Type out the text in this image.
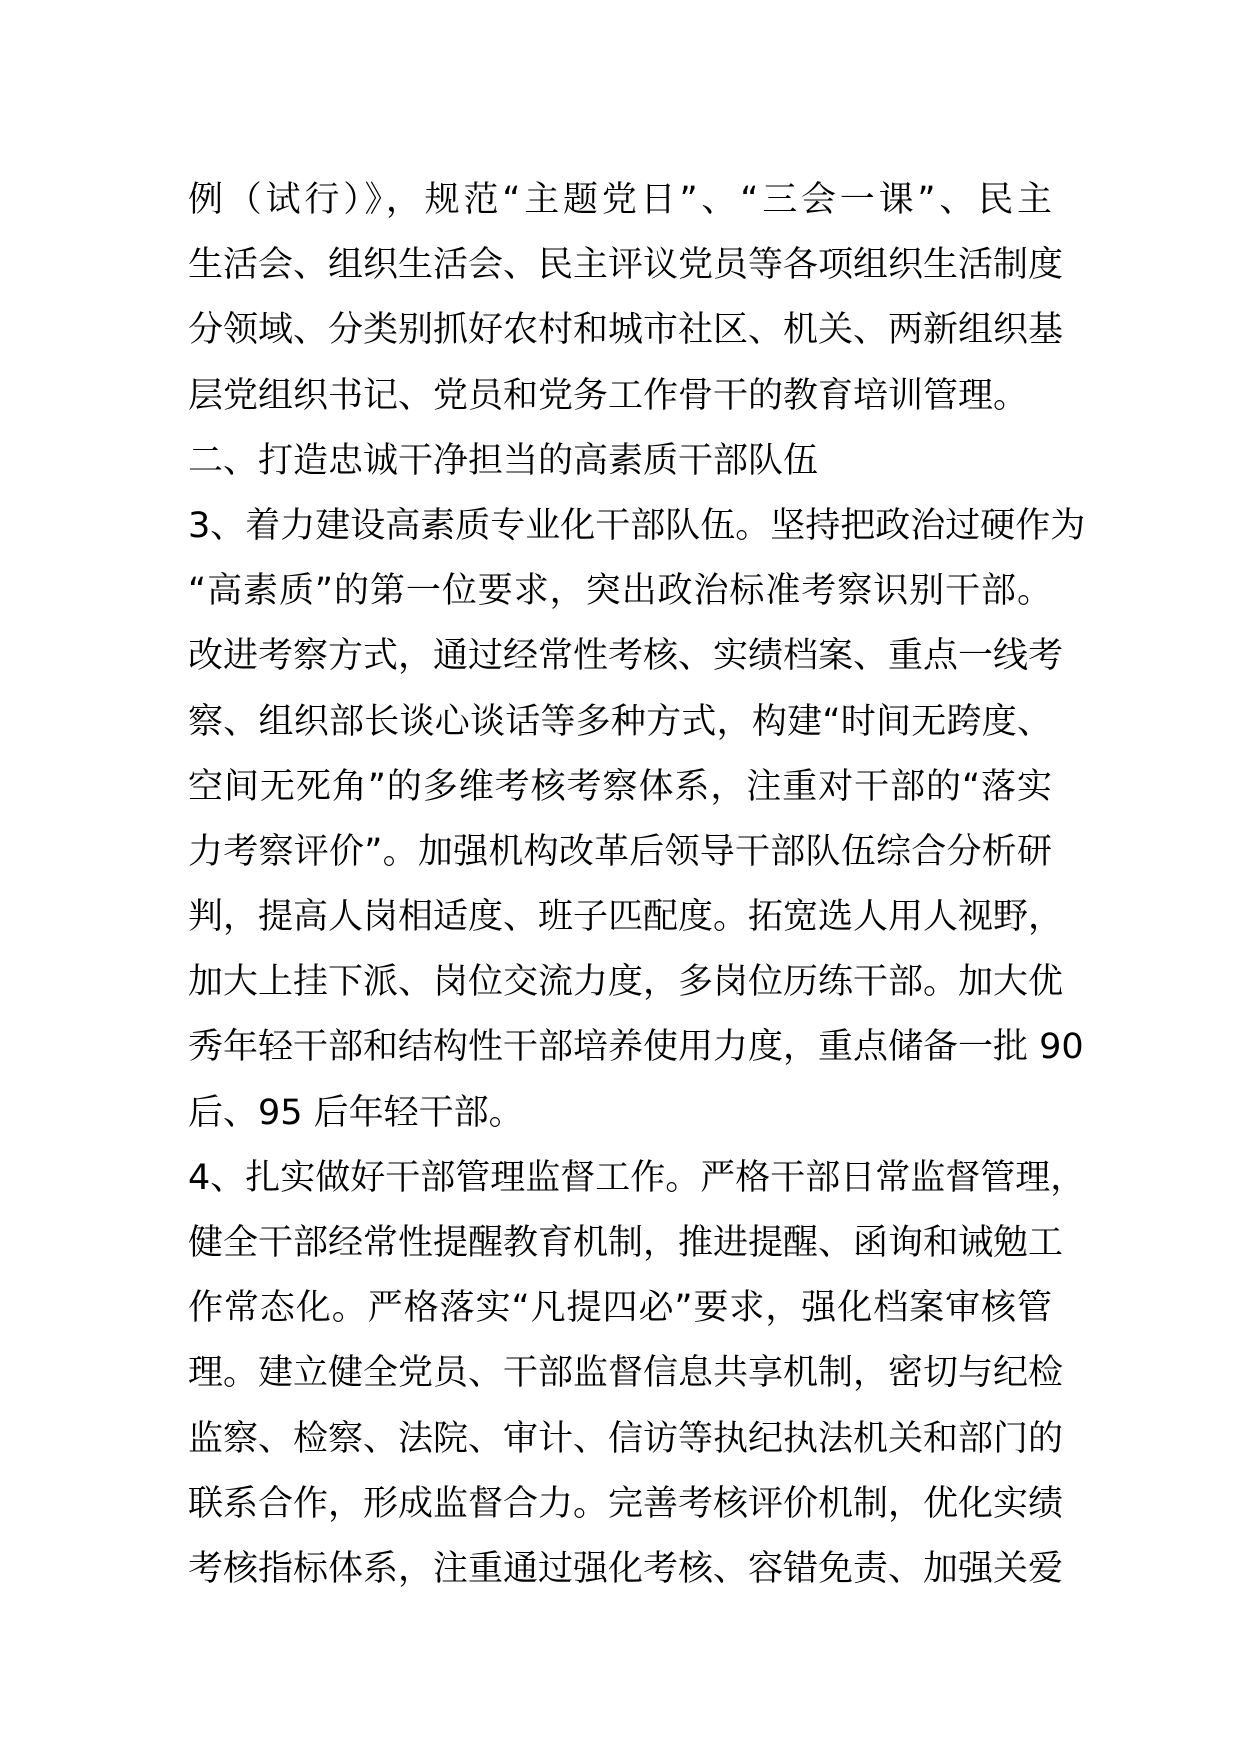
例（试行）》，规范“主题党日”、“三会一课”、民主
生活会、组织生活会、民主评议党员等各项组织生活制度
分领域、分类别抓好农村和城市社区、机关、两新组织基
层党组织书记、党员和党务工作骨干的教育培训管理。
二、打造忠诚干净担当的高素质干部队伍
3、着力建设高素质专业化干部队伍。坚持把政治过硬作为
“高素质”的第一位要求，突出政治标准考察识别干部。
改进考察方式，通过经常性考核、实绩档案、重点一线考
察、组织部长谈心谈话等多种方式，构建“时间无跨度、
空间无死角”的多维考核考察体系，注重对干部的“落实
力考察评价”。加强机构改革后领导干部队伍综合分析研
判，提高人岗相适度、班子匹配度。拓宽选人用人视野，
加大上挂下派、岗位交流力度，多岗位历练干部。加大优
秀年轻干部和结构性干部培养使用力度，重点储备一批 90
后、95 后年轻干部。
4、扎实做好干部管理监督工作。严格干部日常监督管理，
健全干部经常性提醒教育机制，推进提醒、函询和诫勉工
作常态化。严格落实“凡提四必”要求，强化档案审核管
理。建立健全党员、干部监督信息共享机制，密切与纪检
监察、检察、法院、审计、信访等执纪执法机关和部门的
联系合作，形成监督合力。完善考核评价机制，优化实绩
考核指标体系，注重通过强化考核、容错免责、加强关爱
